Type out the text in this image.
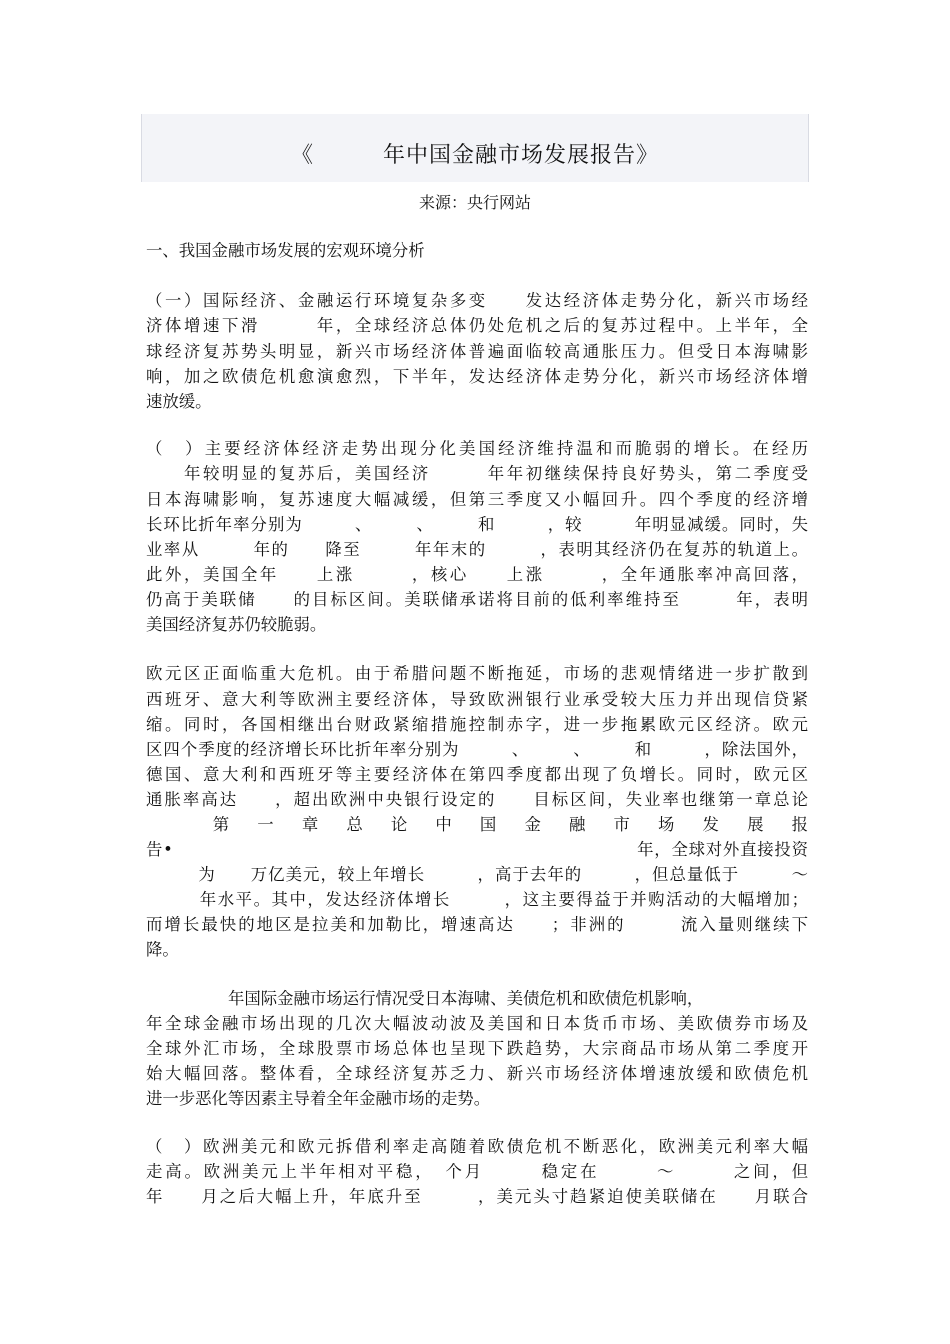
《　　　年中国金融市场发展报告》
来源：央行网站
一、我国金融市场发展的宏观环境分析
（一）国际经济、金融运行环境复杂多变　　发达经济体走势分化，新兴市场经
济体增速下滑　　　年，全球经济总体仍处危机之后的复苏过程中。上半年，全
球经济复苏势头明显，新兴市场经济体普遍面临较高通胀压力。但受日本海啸影
响，加之欧债危机愈演愈烈，下半年，发达经济体走势分化，新兴市场经济体增
速放缓。
（　）主要经济体经济走势出现分化美国经济维持温和而脆弱的增长。在经历
　　年较明显的复苏后，美国经济　　　年年初继续保持良好势头，第二季度受
日本海啸影响，复苏速度大幅减缓，但第三季度又小幅回升。四个季度的经济增
长环比折年率分别为　　　、　　　、　　　和　　　，较　　　年明显减缓。同时，失
业率从　　　年的　　降至　　　年年末的　　　，表明其经济仍在复苏的轨道上。
此外，美国全年　　上涨　　　，核心　　上涨　　　，全年通胀率冲高回落，
仍高于美联储　　的目标区间。美联储承诺将目前的低利率维持至　　　年，表明
美国经济复苏仍较脆弱。
欧元区正面临重大危机。由于希腊问题不断拖延，市场的悲观情绪进一步扩散到
西班牙、意大利等欧洲主要经济体，导致欧洲银行业承受较大压力并出现信贷紧
缩。同时，各国相继出台财政紧缩措施控制赤字，进一步拖累欧元区经济。欧元
区四个季度的经济增长环比折年率分别为　　　、　　　、　　　和　　　，除法国外，
德国、意大利和西班牙等主要经济体在第四季度都出现了负增长。同时，欧元区
通胀率高达　　，超出欧洲中央银行设定的　　目标区间，失业率也继第一章总论
　　　第　一　章　总　论　中　国　金　融　市　场　发　展　报
告•　　　　　　　　　　　　　　　　　　　　　　　　　　　年，全球对外直接投资
　　　为　　万亿美元，较上年增长　　　，高于去年的　　　，但总量低于　　　～
　　　年水平。其中，发达经济体增长　　　，这主要得益于并购活动的大幅增加；
而增长最快的地区是拉美和加勒比，增速高达　　；非洲的　　　流入量则继续下
降。
　　　　　年国际金融市场运行情况受日本海啸、美债危机和欧债危机影响，
年全球金融市场出现的几次大幅波动波及美国和日本货币市场、美欧债券市场及
全球外汇市场，全球股票市场总体也呈现下跌趋势，大宗商品市场从第二季度开
始大幅回落。整体看，全球经济复苏乏力、新兴市场经济体增速放缓和欧债危机
进一步恶化等因素主导着全年金融市场的走势。
（　）欧洲美元和欧元拆借利率走高随着欧债危机不断恶化，欧洲美元利率大幅
走高。欧洲美元上半年相对平稳，　个月　　　稳定在　　　～　　　之间，但
年　　月之后大幅上升，年底升至　　　，美元头寸趋紧迫使美联储在　　月联合
